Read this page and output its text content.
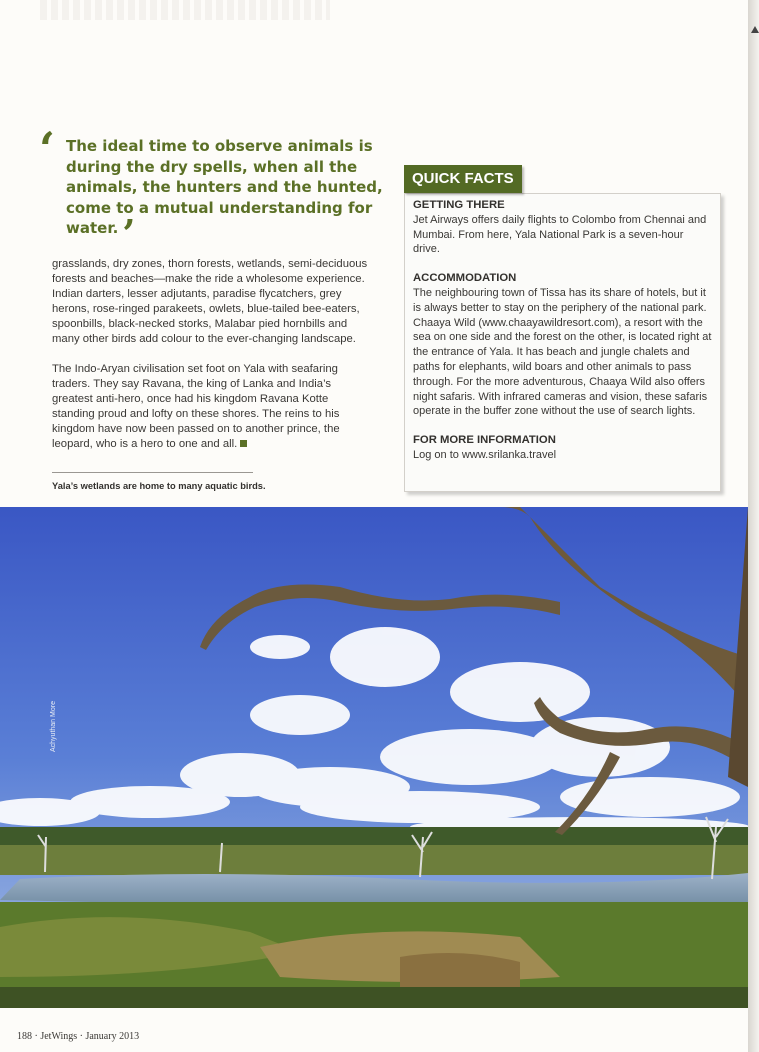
‘ The ideal time to observe animals is during the dry spells, when all the animals, the hunters and the hunted, come to a mutual understanding for water. ’

grasslands, dry zones, thorn forests, wetlands, semi-deciduous forests and beaches—make the ride a wholesome experience. Indian darters, lesser adjutants, paradise flycatchers, grey herons, rose-ringed parakeets, owlets, blue-tailed bee-eaters, spoonbills, black-necked storks, Malabar pied hornbills and many other birds add colour to the ever-changing landscape.

The Indo-Aryan civilisation set foot on Yala with seafaring traders. They say Ravana, the king of Lanka and India’s greatest anti-hero, once had his kingdom Ravana Kotte standing proud and lofty on these shores. The reins to his kingdom have now been passed on to another prince, the leopard, who is a hero to one and all.

Yala’s wetlands are home to many aquatic birds.
QUICK FACTS
GETTING THERE
Jet Airways offers daily flights to Colombo from Chennai and Mumbai. From here, Yala National Park is a seven-hour drive.
ACCOMMODATION
The neighbouring town of Tissa has its share of hotels, but it is always better to stay on the periphery of the national park. Chaaya Wild (www.chaayawildresort.com), a resort with the sea on one side and the forest on the other, is located right at the entrance of Yala. It has beach and jungle chalets and paths for elephants, wild boars and other animals to pass through. For the more adventurous, Chaaya Wild also offers night safaris. With infrared cameras and vision, these safaris operate in the buffer zone without the use of search lights.
FOR MORE INFORMATION
Log on to www.srilanka.travel
Achyuthan More
188 · JetWings · January 2013
